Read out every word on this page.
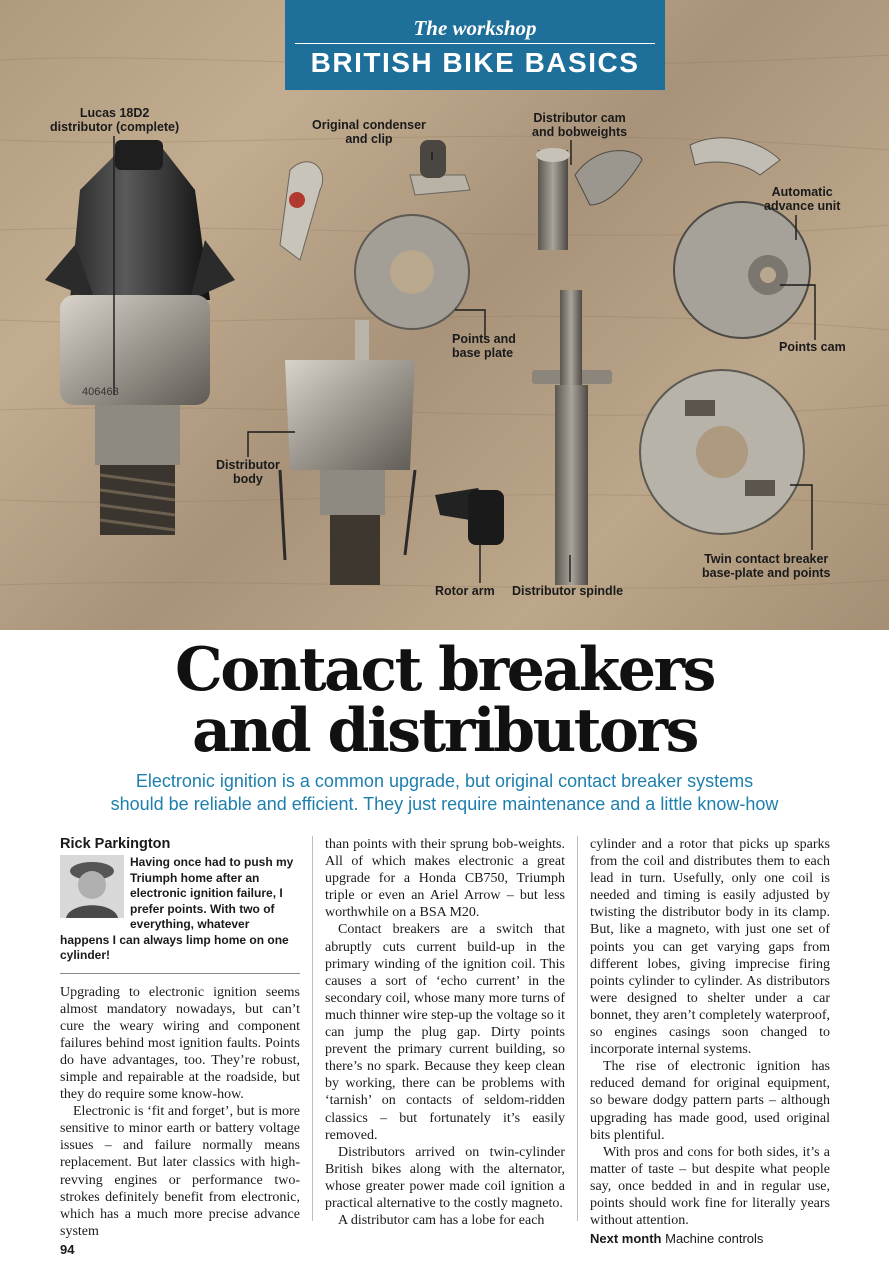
406468
The workshop
BRITISH BIKE BASICS
Lucas 18D2
distributor (complete)	Original condenser
and clip
Distributor cam
and bobweights
Automatic
advance unit
Points and
base plate	Points cam
Distributor
body
Twin contact breaker
base-plate and points
Rotor arm Distributor spindle
Contact breakers
and distributors
Electronic ignition is a common upgrade, but original contact breaker systems
should be reliable and efficient. They just require maintenance and a little know-how
Rick Parkington
Having once had to push my Triumph home after an electronic ignition failure, I prefer points. With two of everything, whatever happens I can always limp home on one cylinder!

Upgrading to electronic ignition seems almost mandatory nowadays, but can’t cure the weary wiring and component failures behind most ignition faults. Points do have advantages, too. They’re robust, simple and repairable at the roadside, but they do require some know-how.

Electronic is ‘fit and forget’, but is more sensitive to minor earth or battery voltage issues – and failure normally means replacement. But later classics with high-revving engines or performance two-strokes definitely benefit from electronic, which has a much more precise advance system

than points with their sprung bob-weights. All of which makes electronic a great upgrade for a Honda CB750, Triumph triple or even an Ariel Arrow – but less worthwhile on a BSA M20.

Contact breakers are a switch that abruptly cuts current build-up in the primary winding of the ignition coil. This causes a sort of ‘echo current’ in the secondary coil, whose many more turns of much thinner wire step-up the voltage so it can jump the plug gap. Dirty points prevent the primary current building, so there’s no spark. Because they keep clean by working, there can be problems with ‘tarnish’ on contacts of seldom-ridden classics – but fortunately it’s easily removed.

Distributors arrived on twin-cylinder British bikes along with the alternator, whose greater power made coil ignition a practical alternative to the costly magneto.

A distributor cam has a lobe for each

cylinder and a rotor that picks up sparks from the coil and distributes them to each lead in turn. Usefully, only one coil is needed and timing is easily adjusted by twisting the distributor body in its clamp. But, like a magneto, with just one set of points you can get varying gaps from different lobes, giving imprecise firing points cylinder to cylinder. As distributors were designed to shelter under a car bonnet, they aren’t completely waterproof, so engines casings soon changed to incorporate internal systems.

The rise of electronic ignition has reduced demand for original equipment, so beware dodgy pattern parts – although upgrading has made good, used original bits plentiful.

With pros and cons for both sides, it’s a matter of taste – but despite what people say, once bedded in and in regular use, points should work fine for literally years without attention.

Next month Machine controls
94
